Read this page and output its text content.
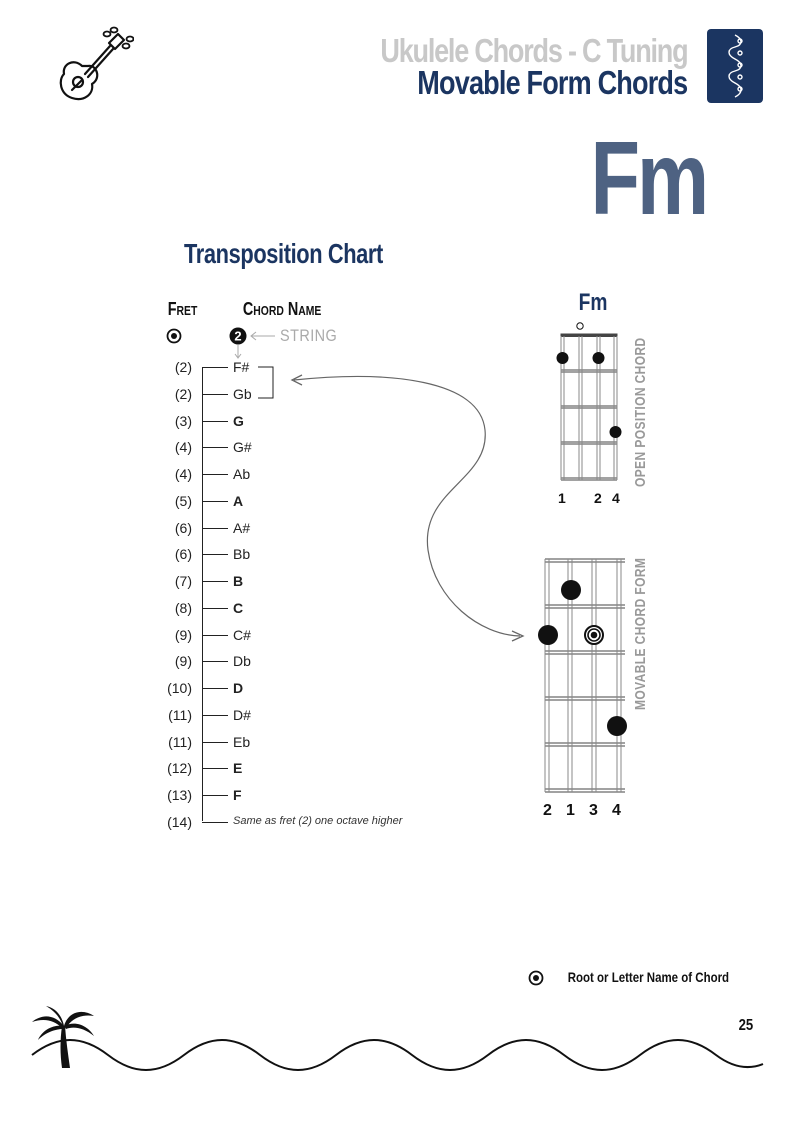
Ukulele Chords - C Tuning
Movable Form Chords
Fm
Transposition Chart
Fret	Chord Name
2 STRING
(2)	F#
(2)	Gb
(3)	G
(4)	G#
(4)	Ab
(5)	A
(6)	A#
(6)	Bb
(7)	B
(8)	C
(9)	C#
(9)	Db
(10)	D
(11)	D#
(11)	Eb
(12)	E
(13)	F
(14)	Same as fret (2) one octave higher
Fm
1 2 4
OPEN POSITION CHORD
2 1 3 4
MOVABLE CHORD FORM
Root or Letter Name of Chord
25
